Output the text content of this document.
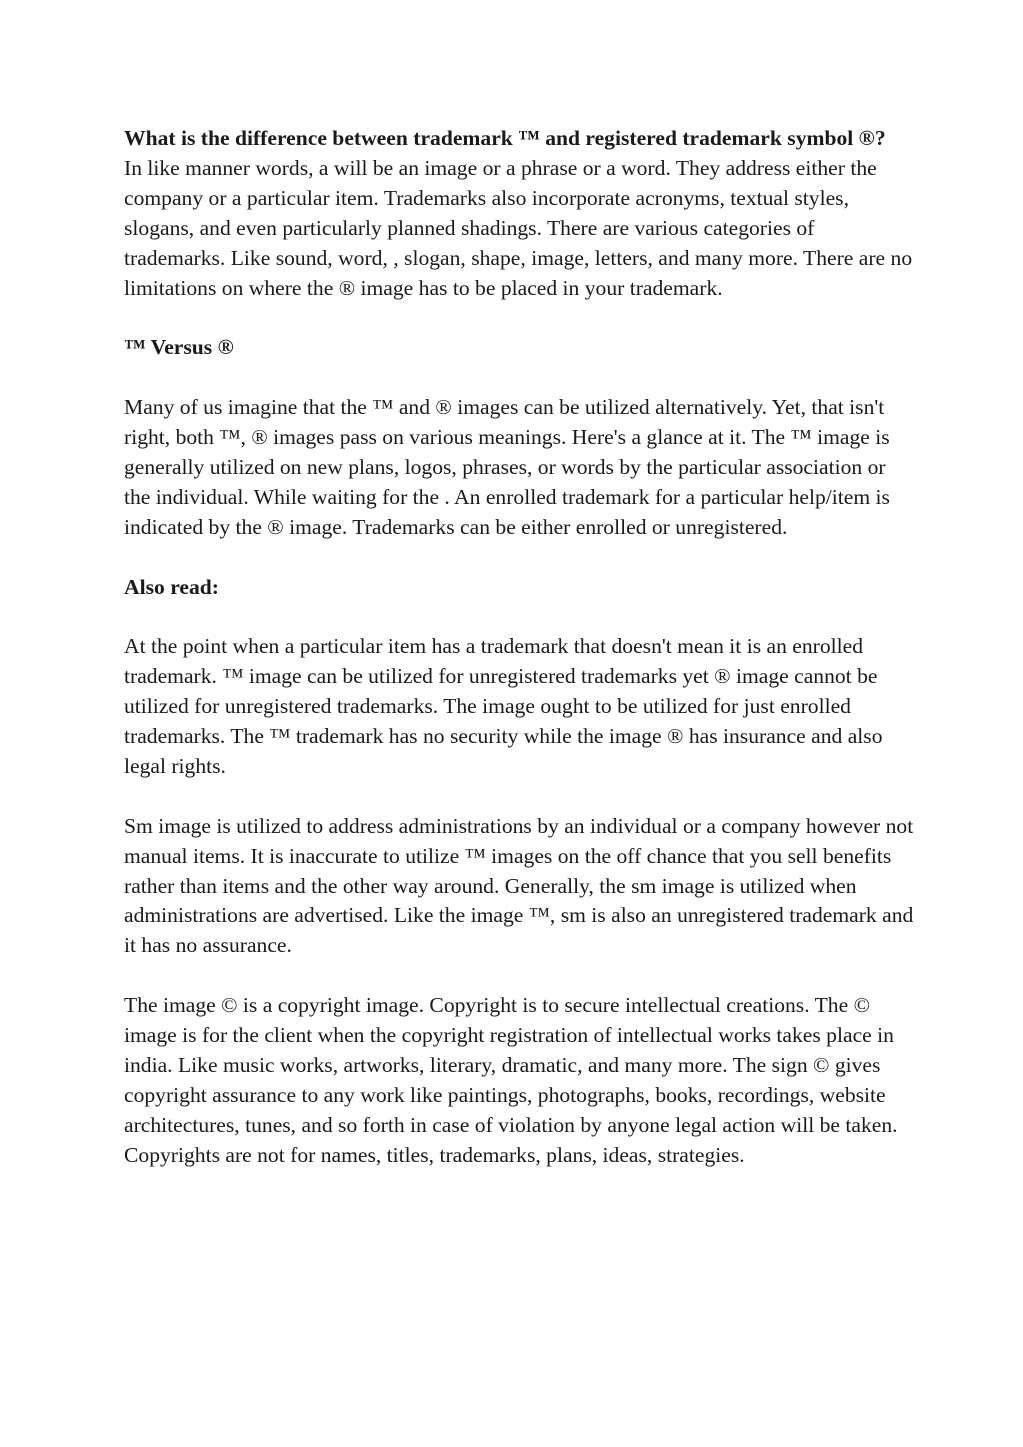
What is the difference between trademark ™ and registered trademark symbol ®?

In like manner words, a will be an image or a phrase or a word. They address either the company or a particular item. Trademarks also incorporate acronyms, textual styles, slogans, and even particularly planned shadings. There are various categories of trademarks. Like sound, word, , slogan, shape, image, letters, and many more. There are no limitations on where the ® image has to be placed in your trademark.

™ Versus ®

Many of us imagine that the ™ and ® images can be utilized alternatively. Yet, that isn't right, both ™, ® images pass on various meanings. Here's a glance at it. The ™ image is generally utilized on new plans, logos, phrases, or words by the particular association or the individual. While waiting for the . An enrolled trademark for a particular help/item is indicated by the ® image. Trademarks can be either enrolled or unregistered.

Also read:

At the point when a particular item has a trademark that doesn't mean it is an enrolled trademark. ™ image can be utilized for unregistered trademarks yet ® image cannot be utilized for unregistered trademarks. The image ought to be utilized for just enrolled trademarks. The ™ trademark has no security while the image ® has insurance and also legal rights.

Sm image is utilized to address administrations by an individual or a company however not manual items. It is inaccurate to utilize ™ images on the off chance that you sell benefits rather than items and the other way around. Generally, the sm image is utilized when administrations are advertised. Like the image ™, sm is also an unregistered trademark and it has no assurance.

The image © is a copyright image. Copyright is to secure intellectual creations. The © image is for the client when the copyright registration of intellectual works takes place in india. Like music works, artworks, literary, dramatic, and many more. The sign © gives copyright assurance to any work like paintings, photographs, books, recordings, website architectures, tunes, and so forth in case of violation by anyone legal action will be taken. Copyrights are not for names, titles, trademarks, plans, ideas, strategies.
